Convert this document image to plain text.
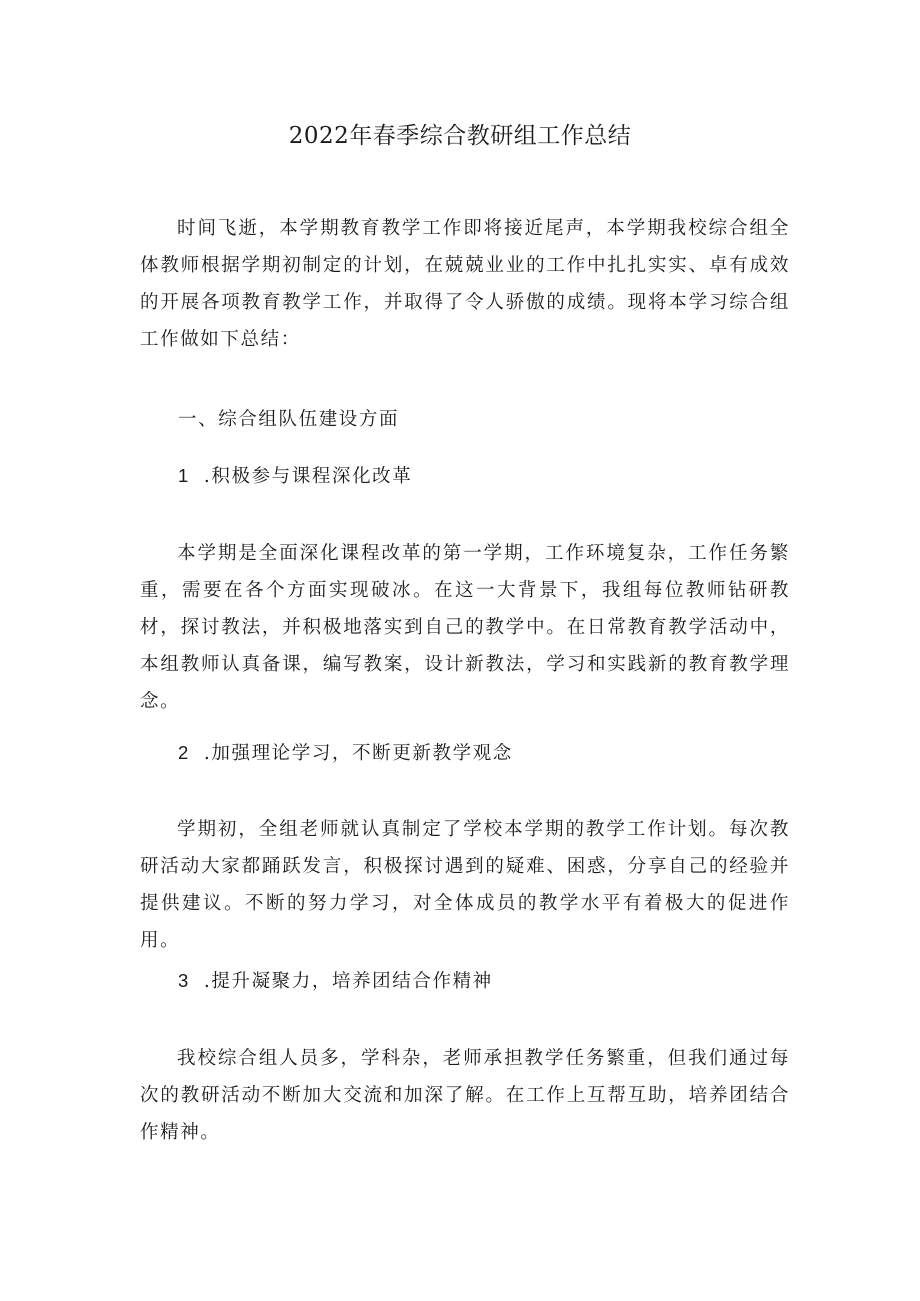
2022年春季综合教研组工作总结

时间飞逝，本学期教育教学工作即将接近尾声，本学期我校综合组全体教师根据学期初制定的计划，在兢兢业业的工作中扎扎实实、卓有成效的开展各项教育教学工作，并取得了令人骄傲的成绩。现将本学习综合组工作做如下总结：

一、综合组队伍建设方面

1 .积极参与课程深化改革

本学期是全面深化课程改革的第一学期，工作环境复杂，工作任务繁重，需要在各个方面实现破冰。在这一大背景下，我组每位教师钻研教材，探讨教法，并积极地落实到自己的教学中。在日常教育教学活动中，本组教师认真备课，编写教案，设计新教法，学习和实践新的教育教学理念。

2 .加强理论学习，不断更新教学观念

学期初，全组老师就认真制定了学校本学期的教学工作计划。每次教研活动大家都踊跃发言，积极探讨遇到的疑难、困惑，分享自己的经验并提供建议。不断的努力学习，对全体成员的教学水平有着极大的促进作用。

3 .提升凝聚力，培养团结合作精神

我校综合组人员多，学科杂，老师承担教学任务繁重，但我们通过每次的教研活动不断加大交流和加深了解。在工作上互帮互助，培养团结合作精神。
